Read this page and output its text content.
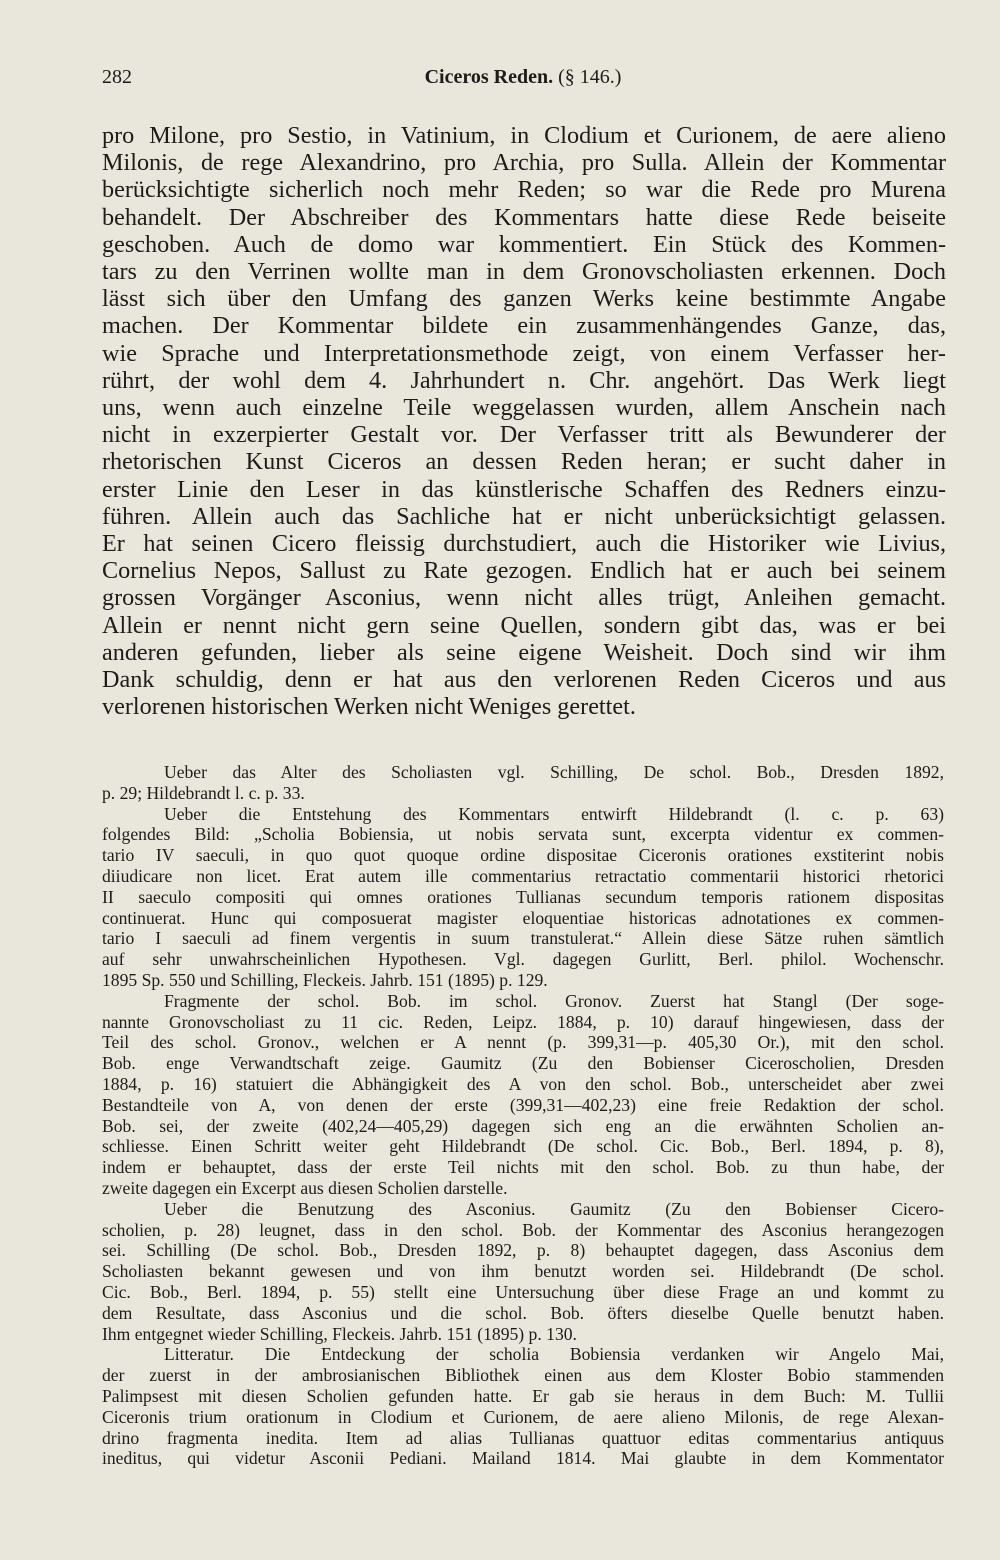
282	Ciceros Reden. (§ 146.)
pro Milone, pro Sestio, in Vatinium, in Clodium et Curionem, de aere alieno
Milonis, de rege Alexandrino, pro Archia, pro Sulla. Allein der Kommentar
berücksichtigte sicherlich noch mehr Reden; so war die Rede pro Murena
behandelt. Der Abschreiber des Kommentars hatte diese Rede beiseite
geschoben. Auch de domo war kommentiert. Ein Stück des Kommen-
tars zu den Verrinen wollte man in dem Gronovscholiasten erkennen. Doch
lässt sich über den Umfang des ganzen Werks keine bestimmte Angabe
machen. Der Kommentar bildete ein zusammenhängendes Ganze, das,
wie Sprache und Interpretationsmethode zeigt, von einem Verfasser her-
rührt, der wohl dem 4. Jahrhundert n. Chr. angehört. Das Werk liegt
uns, wenn auch einzelne Teile weggelassen wurden, allem Anschein nach
nicht in exzerpierter Gestalt vor. Der Verfasser tritt als Bewunderer der
rhetorischen Kunst Ciceros an dessen Reden heran; er sucht daher in
erster Linie den Leser in das künstlerische Schaffen des Redners einzu-
führen. Allein auch das Sachliche hat er nicht unberücksichtigt gelassen.
Er hat seinen Cicero fleissig durchstudiert, auch die Historiker wie Livius,
Cornelius Nepos, Sallust zu Rate gezogen. Endlich hat er auch bei seinem
grossen Vorgänger Asconius, wenn nicht alles trügt, Anleihen gemacht.
Allein er nennt nicht gern seine Quellen, sondern gibt das, was er bei
anderen gefunden, lieber als seine eigene Weisheit. Doch sind wir ihm
Dank schuldig, denn er hat aus den verlorenen Reden Ciceros und aus
verlorenen historischen Werken nicht Weniges gerettet.
Ueber das Alter des Scholiasten vgl. Schilling, De schol. Bob., Dresden 1892,
p. 29; Hildebrandt l. c. p. 33.
Ueber die Entstehung des Kommentars entwirft Hildebrandt (l. c. p. 63)
folgendes Bild: „Scholia Bobiensia, ut nobis servata sunt, excerpta videntur ex commen-
tario IV saeculi, in quo quot quoque ordine dispositae Ciceronis orationes exstiterint nobis
diiudicare non licet. Erat autem ille commentarius retractatio commentarii historici rhetorici
II saeculo compositi qui omnes orationes Tullianas secundum temporis rationem dispositas
continuerat. Hunc qui composuerat magister eloquentiae historicas adnotationes ex commen-
tario I saeculi ad finem vergentis in suum transtulerat.“ Allein diese Sätze ruhen sämtlich
auf sehr unwahrscheinlichen Hypothesen. Vgl. dagegen Gurlitt, Berl. philol. Wochenschr.
1895 Sp. 550 und Schilling, Fleckeis. Jahrb. 151 (1895) p. 129.
Fragmente der schol. Bob. im schol. Gronov. Zuerst hat Stangl (Der soge-
nannte Gronovscholiast zu 11 cic. Reden, Leipz. 1884, p. 10) darauf hingewiesen, dass der
Teil des schol. Gronov., welchen er A nennt (p. 399,31—p. 405,30 Or.), mit den schol.
Bob. enge Verwandtschaft zeige. Gaumitz (Zu den Bobienser Ciceroscholien, Dresden
1884, p. 16) statuiert die Abhängigkeit des A von den schol. Bob., unterscheidet aber zwei
Bestandteile von A, von denen der erste (399,31—402,23) eine freie Redaktion der schol.
Bob. sei, der zweite (402,24—405,29) dagegen sich eng an die erwähnten Scholien an-
schliesse. Einen Schritt weiter geht Hildebrandt (De schol. Cic. Bob., Berl. 1894, p. 8),
indem er behauptet, dass der erste Teil nichts mit den schol. Bob. zu thun habe, der
zweite dagegen ein Excerpt aus diesen Scholien darstelle.
Ueber die Benutzung des Asconius. Gaumitz (Zu den Bobienser Cicero-
scholien, p. 28) leugnet, dass in den schol. Bob. der Kommentar des Asconius herangezogen
sei. Schilling (De schol. Bob., Dresden 1892, p. 8) behauptet dagegen, dass Asconius dem
Scholiasten bekannt gewesen und von ihm benutzt worden sei. Hildebrandt (De schol.
Cic. Bob., Berl. 1894, p. 55) stellt eine Untersuchung über diese Frage an und kommt zu
dem Resultate, dass Asconius und die schol. Bob. öfters dieselbe Quelle benutzt haben.
Ihm entgegnet wieder Schilling, Fleckeis. Jahrb. 151 (1895) p. 130.
Litteratur. Die Entdeckung der scholia Bobiensia verdanken wir Angelo Mai,
der zuerst in der ambrosianischen Bibliothek einen aus dem Kloster Bobio stammenden
Palimpsest mit diesen Scholien gefunden hatte. Er gab sie heraus in dem Buch: M. Tullii
Ciceronis trium orationum in Clodium et Curionem, de aere alieno Milonis, de rege Alexan-
drino fragmenta inedita. Item ad alias Tullianas quattuor editas commentarius antiquus
ineditus, qui videtur Asconii Pediani. Mailand 1814. Mai glaubte in dem Kommentator
